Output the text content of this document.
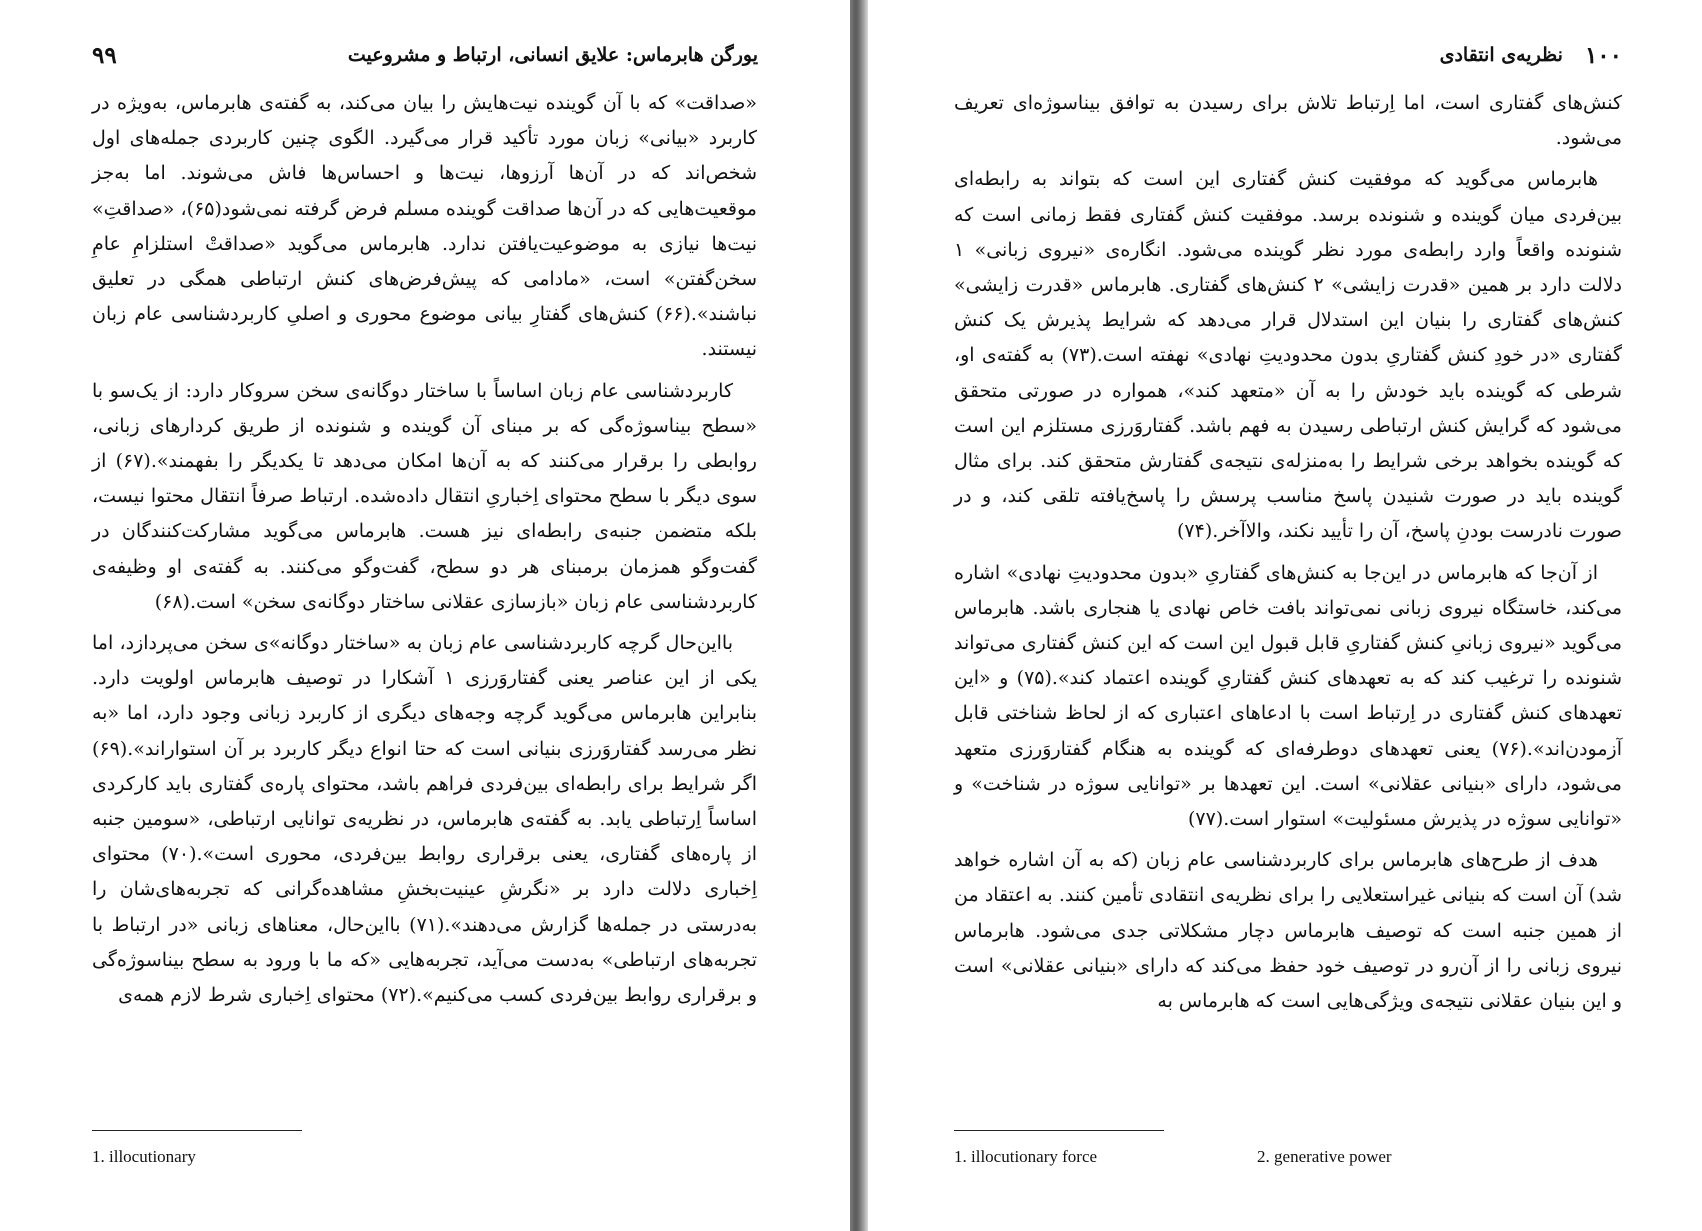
یورگن هابرماس: علایق انسانی، ارتباط و مشروعیت
۹۹

«صداقت» که با آن گوینده نیت‌هایش را بیان می‌کند، به گفته‌ی هابرماس، به‌ویژه در کاربرد «بیانی» زبان مورد تأکید قرار می‌گیرد. الگوی چنین کاربردی جمله‌های اول شخص‌اند که در آن‌ها آرزوها، نیت‌ها و احساس‌ها فاش می‌شوند. اما به‌جز موقعیت‌هایی که در آن‌ها صداقت گوینده مسلم فرض گرفته نمی‌شود(۶۵)، «صداقتِ» نیت‌ها نیازی به موضوعیت‌یافتن ندارد. هابرماس می‌گوید «صداقتْ استلزامِ عامِ سخن‌گفتن» است، «مادامی که پیش‌فرض‌های کنش ارتباطی همگی در تعلیق نباشند».(۶۶) کنش‌های گفتارِ بیانی موضوع محوری و اصلیِ کاربردشناسی عام زبان نیستند.

کاربردشناسی عام زبان اساساً با ساختار دوگانه‌ی سخن سروکار دارد: از یک‌سو با «سطح بیناسوژه‌گی که بر مبنای آن گوینده و شنونده از طریق کردارهای زبانی، روابطی را برقرار می‌کنند که به آن‌ها امکان می‌دهد تا یکدیگر را بفهمند».(۶۷) از سوی دیگر با سطح محتوای اِخباریِ انتقال داده‌شده. ارتباط صرفاً انتقال محتوا نیست، بلکه متضمن جنبه‌ی رابطه‌ای نیز هست. هابرماس می‌گوید مشارکت‌کنندگان در گفت‌وگو همزمان برمبنای هر دو سطح، گفت‌وگو می‌کنند. به گفته‌ی او وظیفه‌ی کاربردشناسی عام زبان «بازسازی عقلانی ساختار دوگانه‌ی سخن» است.(۶۸)

بااین‌حال گرچه کاربردشناسی عام زبان به «ساختار دوگانه»ی سخن می‌پردازد، اما یکی از این عناصر یعنی گفتاروَرزی ۱ آشکارا در توصیف هابرماس اولویت دارد. بنابراین هابرماس می‌گوید گرچه وجه‌های دیگری از کاربرد زبانی وجود دارد، اما «به نظر می‌رسد گفتاروَرزی بنیانی است که حتا انواع دیگر کاربرد بر آن استواراند».(۶۹) اگر شرایط برای رابطه‌ای بین‌فردی فراهم باشد، محتوای پاره‌ی گفتاری باید کارکردی اساساً اِرتباطی یابد. به گفته‌ی هابرماس، در نظریه‌ی توانایی ارتباطی، «سومین جنبه از پاره‌های گفتاری، یعنی برقراری روابط بین‌فردی، محوری است».(۷۰) محتوای اِخباری دلالت دارد بر «نگرشِ عینیت‌بخشِ مشاهده‌گرانی که تجربه‌های‌شان را به‌درستی در جمله‌ها گزارش می‌دهند».(۷۱) بااین‌حال، معناهای زبانی «در ارتباط با تجربه‌های ارتباطی» به‌دست می‌آید، تجربه‌هایی «که ما با ورود به سطح بیناسوژه‌گی و برقراری روابط بین‌فردی کسب می‌کنیم».(۷۲) محتوای اِخباری شرط لازم همه‌ی

1. illocutionary
۱۰۰
نظریه‌ی انتقادی

کنش‌های گفتاری است، اما اِرتباط تلاش برای رسیدن به توافق بیناسوژه‌ای تعریف می‌شود.

هابرماس می‌گوید که موفقیت کنش گفتاری این است که بتواند به رابطه‌ای بین‌فردی میان گوینده و شنونده برسد. موفقیت کنش گفتاری فقط زمانی است که شنونده واقعاً وارد رابطه‌ی مورد نظر گوینده می‌شود. انگاره‌ی «نیروی زبانی» ۱ دلالت دارد بر همین «قدرت زایشی» ۲ کنش‌های گفتاری. هابرماس «قدرت زایشی» کنش‌های گفتاری را بنیان این استدلال قرار می‌دهد که شرایط پذیرش یک کنش گفتاری «در خودِ کنش گفتاریِ بدون محدودیتِ نهادی» نهفته است.(۷۳) به گفته‌ی او، شرطی که گوینده باید خودش را به آن «متعهد کند»، همواره در صورتی متحقق می‌شود که گرایش کنش ارتباطی رسیدن به فهم باشد. گفتاروَرزی مستلزم این است که گوینده بخواهد برخی شرایط را به‌منزله‌ی نتیجه‌ی گفتارش متحقق کند. برای مثال گوینده باید در صورت شنیدن پاسخ مناسب پرسش را پاسخ‌یافته تلقی کند، و در صورت نادرست بودنِ پاسخ، آن را تأیید نکند، والاآخر.(۷۴)

از آن‌جا که هابرماس در این‌جا به کنش‌های گفتاریِ «بدون محدودیتِ نهادی» اشاره می‌کند، خاستگاه نیروی زبانی نمی‌تواند بافت خاص نهادی یا هنجاری باشد. هابرماس می‌گوید «نیروی زبانیِ کنش گفتاریِ قابل قبول این است که این کنش گفتاری می‌تواند شنونده را ترغیب کند که به تعهدهای کنش گفتاریِ گوینده اعتماد کند».(۷۵) و «این تعهدهای کنش گفتاری در اِرتباط است با ادعاهای اعتباری که از لحاظ شناختی قابل آزمودن‌اند».(۷۶) یعنی تعهدهای دوطرفه‌ای که گوینده به هنگام گفتاروَرزی متعهد می‌شود، دارای «بنیانی عقلانی» است. این تعهدها بر «توانایی سوژه در شناخت» و «توانایی سوژه در پذیرش مسئولیت» استوار است.(۷۷)

هدف از طرح‌های هابرماس برای کاربردشناسی عام زبان (که به آن اشاره خواهد شد) آن است که بنیانی غیراستعلایی را برای نظریه‌ی انتقادی تأمین کنند. به اعتقاد من از همین جنبه است که توصیف هابرماس دچار مشکلاتی جدی می‌شود. هابرماس نیروی زبانی را از آن‌رو در توصیف خود حفظ می‌کند که دارای «بنیانی عقلانی» است و این بنیان عقلانی نتیجه‌ی ویژگی‌هایی است که هابرماس به

1. illocutionary force	2. generative power
